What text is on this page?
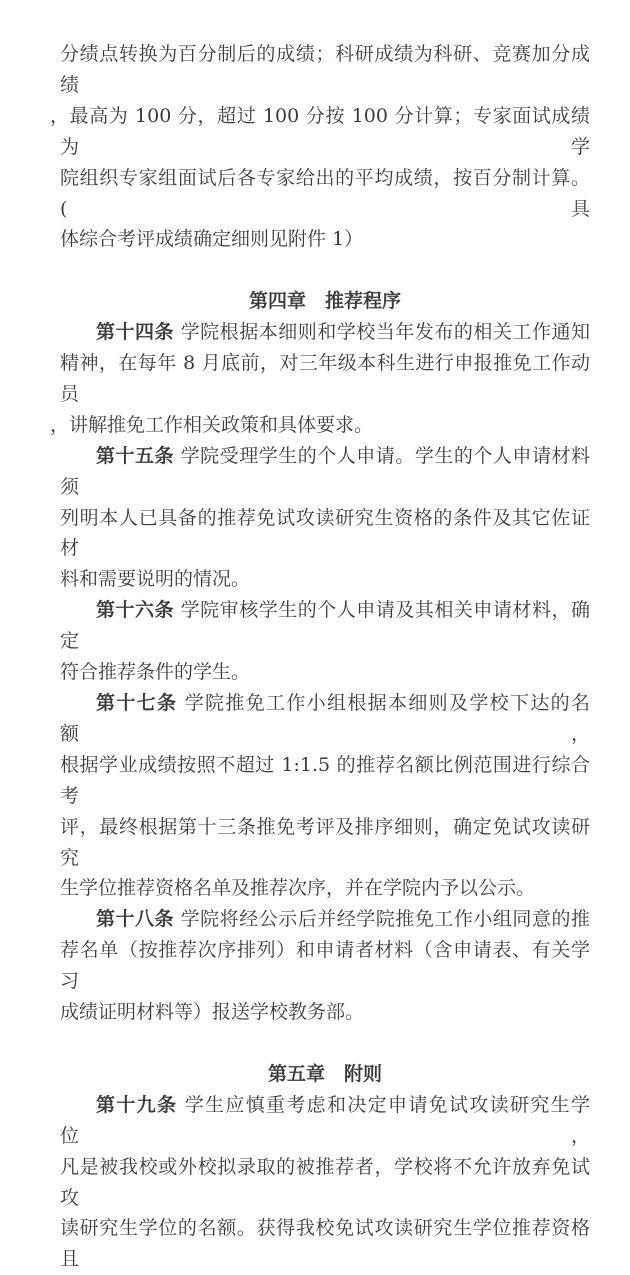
分绩点转换为百分制后的成绩；科研成绩为科研、竞赛加分成绩
，最高为 100 分，超过 100 分按 100 分计算；专家面试成绩为学
院组织专家组面试后各专家给出的平均成绩，按百分制计算。(具
体综合考评成绩确定细则见附件 1）
第四章　推荐程序
第十四条 学院根据本细则和学校当年发布的相关工作通知
精神，在每年 8 月底前，对三年级本科生进行申报推免工作动员
，讲解推免工作相关政策和具体要求。
第十五条 学院受理学生的个人申请。学生的个人申请材料须
列明本人已具备的推荐免试攻读研究生资格的条件及其它佐证材
料和需要说明的情况。
第十六条 学院审核学生的个人申请及其相关申请材料，确定
符合推荐条件的学生。
第十七条 学院推免工作小组根据本细则及学校下达的名额，
根据学业成绩按照不超过 1:1.5 的推荐名额比例范围进行综合考
评，最终根据第十三条推免考评及排序细则，确定免试攻读研究
生学位推荐资格名单及推荐次序，并在学院内予以公示。
第十八条 学院将经公示后并经学院推免工作小组同意的推
荐名单（按推荐次序排列）和申请者材料（含申请表、有关学习
成绩证明材料等）报送学校教务部。
第五章　附则
第十九条 学生应慎重考虑和决定申请免试攻读研究生学位，
凡是被我校或外校拟录取的被推荐者，学校将不允许放弃免试攻
读研究生学位的名额。获得我校免试攻读研究生学位推荐资格且
